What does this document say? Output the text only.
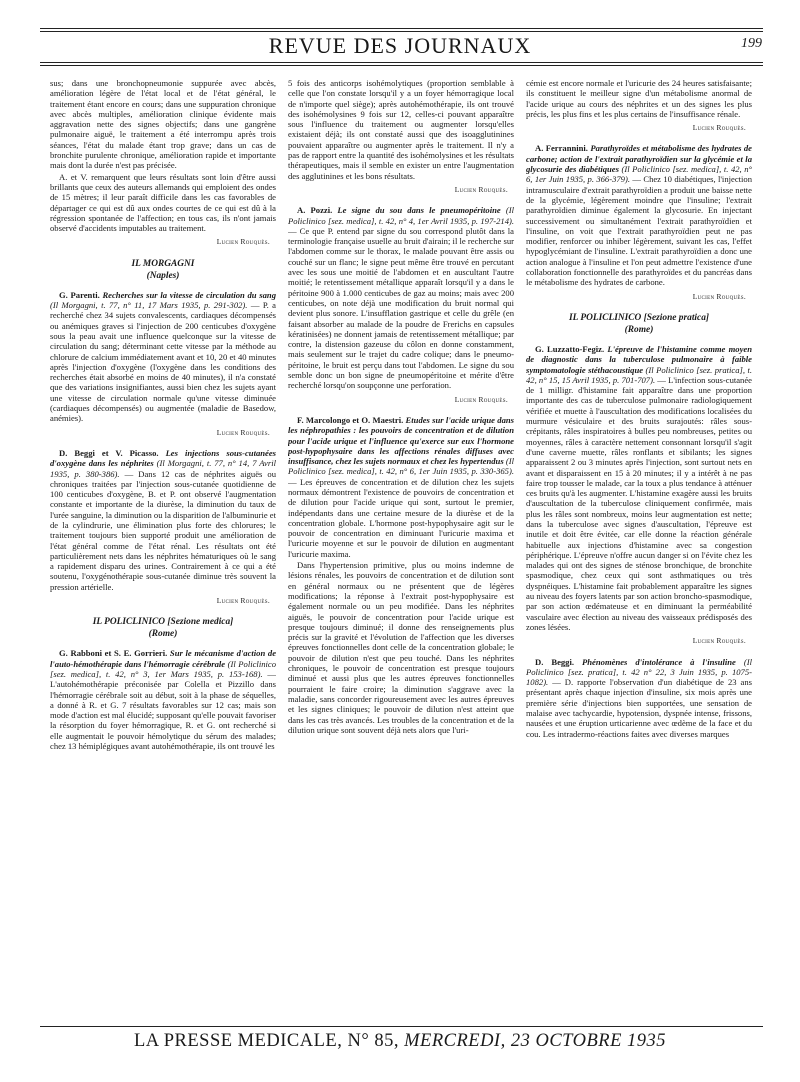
REVUE DES JOURNAUX	199

sus; dans une bronchopneumonie suppurée avec abcès, amélioration légère de l'état local et de l'état général, le traitement étant encore en cours; dans une suppuration chronique avec abcès multiples, amélioration clinique évidente mais aggravation nette des signes objectifs; dans une gangrène pulmonaire aiguë, le traitement a été interrompu après trois séances, l'état du malade étant trop grave; dans un cas de bronchite purulente chronique, amélioration rapide et importante mais dont la durée n'est pas précisée.

A. et V. remarquent que leurs résultats sont loin d'être aussi brillants que ceux des auteurs allemands qui emploient des ondes de 15 mètres; il leur paraît difficile dans les cas favorables de départager ce qui est dû aux ondes courtes de ce qui est dû à la régression spontanée de l'affection; en tous cas, ils n'ont jamais observé d'accidents imputables au traitement.

Lucien Rouquès.
IL MORGAGNI
(Naples)

G. Parenti. Recherches sur la vitesse de circulation du sang (Il Morgagni, t. 77, n° 11, 17 Mars 1935, p. 291-302). — P. a recherché chez 34 sujets convalescents, cardiaques décompensés ou anémiques graves si l'injection de 200 centicubes d'oxygène sous la peau avait une influence quelconque sur la vitesse de circulation du sang; déterminant cette vitesse par la méthode au chlorure de calcium immédiatement avant et 10, 20 et 40 minutes après l'injection d'oxygène (l'oxygène dans les conditions des recherches était absorbé en moins de 40 minutes), il n'a constaté que des variations insignifiantes, aussi bien chez les sujets ayant une vitesse de circulation normale qu'une vitesse diminuée (cardiaques décompensés) ou augmentée (maladie de Basedow, anémies).

Lucien Rouquès.

D. Beggi et V. Picasso. Les injections sous-cutanées d'oxygène dans les néphrites (Il Morgagni, t. 77, n° 14, 7 Avril 1935, p. 380-386). — Dans 12 cas de néphrites aiguës ou chroniques traitées par l'injection sous-cutanée quotidienne de 100 centicubes d'oxygène, B. et P. ont observé l'augmentation constante et importante de la diurèse, la diminution du taux de l'urée sanguine, la diminution ou la disparition de l'albuminurie et de la cylindrurie, une élimination plus forte des chlorures; le traitement toujours bien supporté produit une amélioration de l'état général comme de l'état rénal. Les résultats ont été particulièrement nets dans les néphrites hématuriques où le sang a rapidement disparu des urines. Contrairement à ce qui a été soutenu, l'oxygénothérapie sous-cutanée diminue très souvent la pression artérielle.

Lucien Rouquès.
IL POLICLINICO [Sezione medica]
(Rome)

G. Rabboni et S. E. Gorrieri. Sur le mécanisme d'action de l'auto-hémothérapie dans l'hémorragie cérébrale (Il Policlinico [sez. medica], t. 42, n° 3, 1er Mars 1935, p. 153-168). — L'autohémothérapie préconisée par Colella et Pizzillo dans l'hémorragie cérébrale soit au début, soit à la phase de séquelles, a donné à R. et G. 7 résultats favorables sur 12 cas; mais son mode d'action est mal élucidé; supposant qu'elle pouvait favoriser la résorption du foyer hémorragique, R. et G. ont recherché si elle augmentait le pouvoir hémolytique du sérum des malades; chez 13 hémiplégiques avant autohémothérapie, ils ont trouvé les

5 fois des anticorps isohémolytiques (proportion semblable à celle que l'on constate lorsqu'il y a un foyer hémorragique local de n'importe quel siège); après autohémothérapie, ils ont trouvé des isohémolysines 9 fois sur 12, celles-ci pouvant apparaître sous l'influence du traitement ou augmenter lorsqu'elles existaient déjà; ils ont constaté aussi que des isoagglutinines pouvaient apparaître ou augmenter après le traitement. Il n'y a pas de rapport entre la quantité des isohémolysines et les résultats thérapeutiques, mais il semble en exister un entre l'augmentation des agglutinines et les bons résultats.

Lucien Rouquès.

A. Pozzi. Le signe du sou dans le pneumopéritoine (Il Policlinico [sez. medica], t. 42, n° 4, 1er Avril 1935, p. 197-214). — Ce que P. entend par signe du sou correspond plutôt dans la terminologie française usuelle au bruit d'airain; il le recherche sur l'abdomen comme sur le thorax, le malade pouvant être assis ou couché sur un flanc; le signe peut même être trouvé en percutant avec les sous une moitié de l'abdomen et en auscultant l'autre moitié; le retentissement métallique apparaît lorsqu'il y a dans le péritoine 900 à 1.000 centicubes de gaz au moins; mais avec 200 centicubes, on note déjà une modification du bruit normal qui devient plus sonore. L'insufflation gastrique et celle du grêle (en faisant absorber au malade de la poudre de Frerichs en capsules kératinisées) ne donnent jamais de retentissement métallique; par contre, la distension gazeuse du côlon en donne constamment, mais seulement sur le trajet du cadre colique; dans le pneumo-péritoine, le bruit est perçu dans tout l'abdomen. Le signe du sou semble donc un bon signe de pneumopéritoine et mérite d'être recherché lorsqu'on soupçonne une perforation.

Lucien Rouquès.

F. Marcolongo et O. Maestri. Etudes sur l'acide urique dans les néphropathies : les pouvoirs de concentration et de dilution pour l'acide urique et l'influence qu'exerce sur eux l'hormone post-hypophysaire dans les affections rénales diffuses avec insuffisance, chez les sujets normaux et chez les hypertendus (Il Policlinico [sez. medica], t. 42, n° 6, 1er Juin 1935, p. 330-365). — Les épreuves de concentration et de dilution chez les sujets normaux démontrent l'existence de pouvoirs de concentration et de dilution pour l'acide urique qui sont, surtout le premier, indépendants dans une certaine mesure de la diurèse et de la concentration globale. L'hormone post-hypophysaire agit sur le pouvoir de concentration en diminuant l'uricurie maxima et l'uricurie moyenne et sur le pouvoir de dilution en augmentant l'uricurie maxima.

Dans l'hypertension primitive, plus ou moins indemne de lésions rénales, les pouvoirs de concentration et de dilution sont en général normaux ou ne présentent que de légères modifications; la réponse à l'extrait post-hypophysaire est également normale ou un peu modifiée. Dans les néphrites aiguës, le pouvoir de concentration pour l'acide urique est presque toujours diminué; il donne des renseignements plus précis sur la gravité et l'évolution de l'affection que les diverses épreuves fonctionnelles dont celle de la concentration globale; le pouvoir de dilution n'est que peu touché. Dans les néphrites chroniques, le pouvoir de concentration est presque toujours diminué et aussi plus que les autres épreuves fonctionnelles pourraient le faire croire; la diminution s'aggrave avec la maladie, sans concorder rigoureusement avec les autres épreuves et les signes cliniques; le pouvoir de dilution n'est atteint que dans les cas très avancés. Les troubles de la concentration et de la dilution urique sont souvent déjà nets alors que l'uri-

cémie est encore normale et l'uricurie des 24 heures satisfaisante; ils constituent le meilleur signe d'un métabolisme anormal de l'acide urique au cours des néphrites et un des signes les plus précis, les plus fins et les plus certains de l'insuffisance rénale.

Lucien Rouquès.

A. Ferrannini. Parathyroïdes et métabolisme des hydrates de carbone; action de l'extrait parathyroïdien sur la glycémie et la glycosurie des diabétiques (Il Policlinico [sez. medica], t. 42, n° 6, 1er Juin 1935, p. 366-379). — Chez 10 diabétiques, l'injection intramusculaire d'extrait parathyroïdien a produit une baisse nette de la glycémie, légèrement moindre que l'insuline; l'extrait parathyroïdien diminue également la glycosurie. En injectant successivement ou simultanément l'extrait parathyroïdien et l'insuline, on voit que l'extrait parathyroïdien peut ne pas modifier, renforcer ou inhiber légèrement, suivant les cas, l'effet hypoglycémiant de l'insuline. L'extrait parathyroïdien a donc une action analogue à l'insuline et l'on peut admettre l'existence d'une collaboration fonctionnelle des parathyroïdes et du pancréas dans le métabolisme des hydrates de carbone.

Lucien Rouquès.
IL POLICLINICO [Sezione pratica]
(Rome)

G. Luzzatto-Fegiz. L'épreuve de l'histamine comme moyen de diagnostic dans la tuberculose pulmonaire à faible symptomatologie stéthacoustique (Il Policlinico [sez. pratica], t. 42, n° 15, 15 Avril 1935, p. 701-707). — L'infection sous-cutanée de 1 milligr. d'histamine fait apparaître dans une proportion importante des cas de tuberculose pulmonaire radiologiquement vérifiée et muette à l'auscultation des modifications localisées du murmure vésiculaire et des bruits surajoutés: râles sous-crépitants, râles inspiratoires à bulles peu nombreuses, petites ou moyennes, râles à caractère nettement consonnant lorsqu'il s'agit d'une caverne muette, râles ronflants et sibilants; les signes apparaissent 2 ou 3 minutes après l'injection, sont surtout nets en avant et disparaissent en 15 à 20 minutes; il y a intérêt à ne pas faire trop tousser le malade, car la toux a plus tendance à atténuer ces bruits qu'à les augmenter. L'histamine exagère aussi les bruits d'auscultation de la tuberculose cliniquement confirmée, mais plus les râles sont nombreux, moins leur augmentation est nette; dans la tuberculose avec signes d'auscultation, l'épreuve est inutile et doit être évitée, car elle donne la réaction générale habituelle aux injections d'histamine avec sa congestion périphérique. L'épreuve n'offre aucun danger si on l'évite chez les malades qui ont des signes de sténose bronchique, de bronchite spasmodique, chez ceux qui sont asthmatiques ou très dyspnéiques. L'histamine fait probablement apparaître les signes au niveau des foyers latents par son action broncho-spasmodique, par son action œdémateuse et en diminuant la perméabilité vasculaire avec élection au niveau des vaisseaux prédisposés des zones lésées.

Lucien Rouquès.

D. Beggi. Phénomènes d'intolérance à l'insuline (Il Policlinico [sez. pratica], t. 42 n° 22, 3 Juin 1935, p. 1075-1082). — D. rapporte l'observation d'un diabétique de 23 ans présentant après chaque injection d'insuline, six mois après une première série d'injections bien supportées, une sensation de malaise avec tachycardie, hypotension, dyspnée intense, frissons, nausées et une éruption urticarienne avec œdème de la face et du cou. Les intradermo-réactions faites avec diverses marques

LA PRESSE MEDICALE, N° 85, MERCREDI, 23 OCTOBRE 1935
